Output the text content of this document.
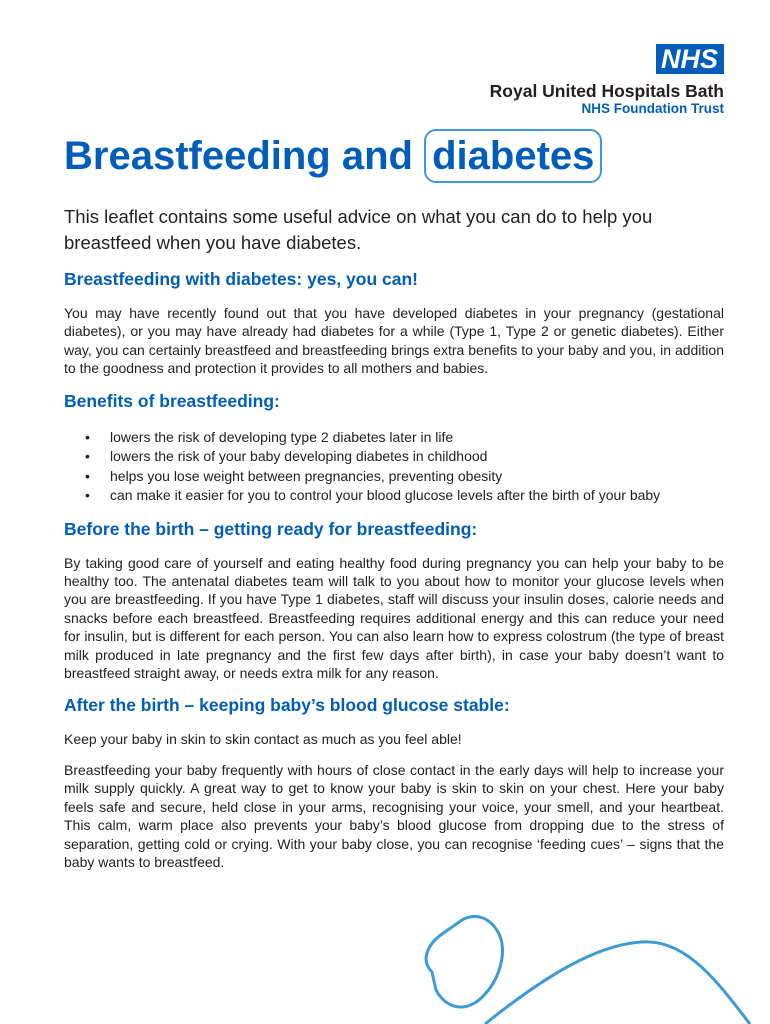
NHS
Royal United Hospitals Bath
NHS Foundation Trust
Breastfeeding and diabetes

This leaflet contains some useful advice on what you can do to help you breastfeed when you have diabetes.

Breastfeeding with diabetes: yes, you can!

You may have recently found out that you have developed diabetes in your pregnancy (gestational diabetes), or you may have already had diabetes for a while (Type 1, Type 2 or genetic diabetes). Either way, you can certainly breastfeed and breastfeeding brings extra benefits to your baby and you, in addition to the goodness and protection it provides to all mothers and babies.

Benefits of breastfeeding:
• lowers the risk of developing type 2 diabetes later in life
• lowers the risk of your baby developing diabetes in childhood
• helps you lose weight between pregnancies, preventing obesity
• can make it easier for you to control your blood glucose levels after the birth of your baby
Before the birth – getting ready for breastfeeding:

By taking good care of yourself and eating healthy food during pregnancy you can help your baby to be healthy too. The antenatal diabetes team will talk to you about how to monitor your glucose levels when you are breastfeeding. If you have Type 1 diabetes, staff will discuss your insulin doses, calorie needs and snacks before each breastfeed. Breastfeeding requires additional energy and this can reduce your need for insulin, but is different for each person. You can also learn how to express colostrum (the type of breast milk produced in late pregnancy and the first few days after birth), in case your baby doesn’t want to breastfeed straight away, or needs extra milk for any reason.

After the birth – keeping baby’s blood glucose stable:

Keep your baby in skin to skin contact as much as you feel able!

Breastfeeding your baby frequently with hours of close contact in the early days will help to increase your milk supply quickly. A great way to get to know your baby is skin to skin on your chest. Here your baby feels safe and secure, held close in your arms, recognising your voice, your smell, and your heartbeat. This calm, warm place also prevents your baby’s blood glucose from dropping due to the stress of separation, getting cold or crying. With your baby close, you can recognise ‘feeding cues’ – signs that the baby wants to breastfeed.
